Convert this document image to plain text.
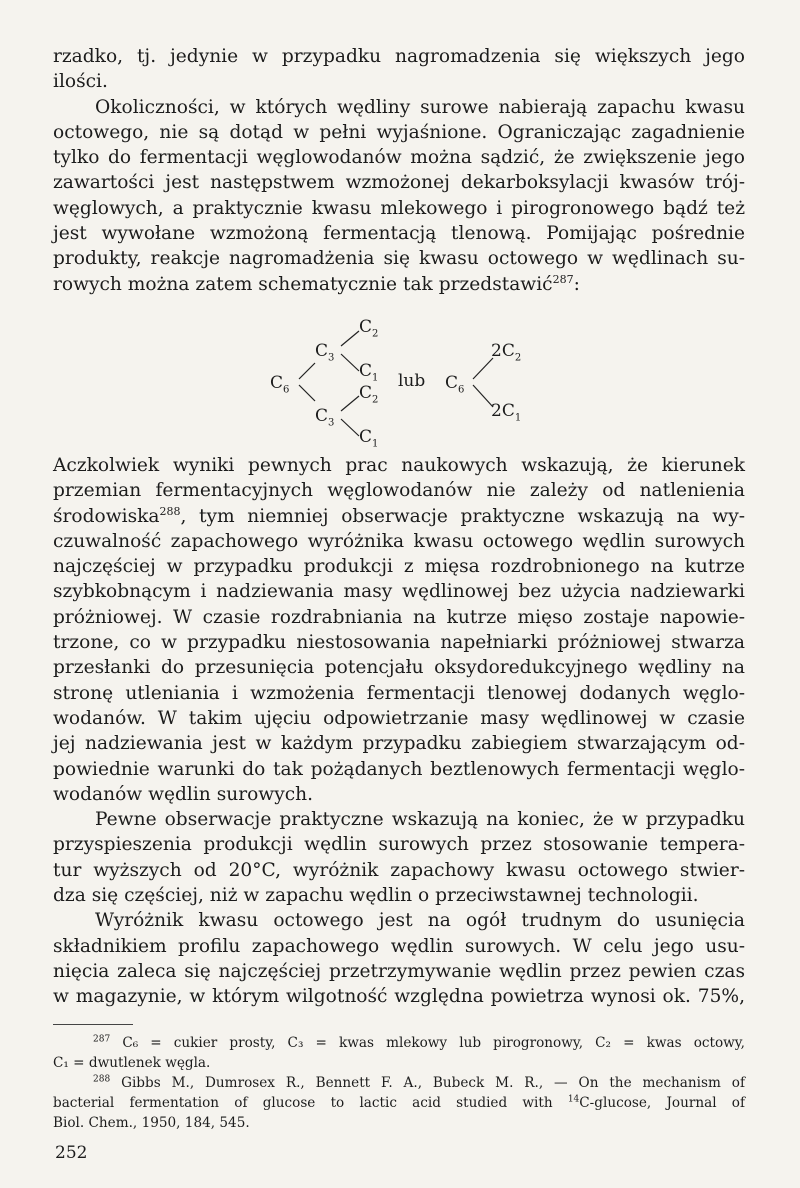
rzadko, tj. jedynie w przypadku nagromadzenia się większych jego
ilości.

Okoliczności, w których wędliny surowe nabierają zapachu kwasu
octowego, nie są dotąd w pełni wyjaśnione. Ograniczając zagadnienie
tylko do fermentacji węglowodanów można sądzić, że zwiększenie jego
zawartości jest następstwem wzmożonej dekarboksylacji kwasów trój-
węglowych, a praktycznie kwasu mlekowego i pirogronowego bądź też
jest wywołane wzmożoną fermentacją tlenową. Pomijając pośrednie
produkty, reakcje nagromadżenia się kwasu octowego w wędlinach su-
rowych można zatem schematycznie tak przedstawić$^{287}$:

$C_6$
$C_3$
$C_2$
$C_1$
$C_3$
$C_2$
$C_1$
lub $C_6$
$2C_2$
$2C_1$

Aczkolwiek wyniki pewnych prac naukowych wskazują, że kierunek
przemian fermentacyjnych węglowodanów nie zależy od natlenienia
środowiska$^{288}$, tym niemniej obserwacje praktyczne wskazują na wy-
czuwalność zapachowego wyróżnika kwasu octowego wędlin surowych
najczęściej w przypadku produkcji z mięsa rozdrobnionego na kutrze
szybkobnącym i nadziewania masy wędlinowej bez użycia nadziewarki
próżniowej. W czasie rozdrabniania na kutrze mięso zostaje napowie-
trzone, co w przypadku niestosowania napełniarki próżniowej stwarza
przesłanki do przesunięcia potencjału oksydoredukcyjnego wędliny na
stronę utleniania i wzmożenia fermentacji tlenowej dodanych węglo-
wodanów. W takim ujęciu odpowietrzanie masy wędlinowej w czasie
jej nadziewania jest w każdym przypadku zabiegiem stwarzającym od-
powiednie warunki do tak pożądanych beztlenowych fermentacji węglo-
wodanów wędlin surowych.

Pewne obserwacje praktyczne wskazują na koniec, że w przypadku
przyspieszenia produkcji wędlin surowych przez stosowanie tempera-
tur wyższych od 20°C, wyróżnik zapachowy kwasu octowego stwier-
dza się częściej, niż w zapachu wędlin o przeciwstawnej technologii.

Wyróżnik kwasu octowego jest na ogół trudnym do usunięcia
składnikiem profilu zapachowego wędlin surowych. W celu jego usu-
nięcia zaleca się najczęściej przetrzymywanie wędlin przez pewien czas
w magazynie, w którym wilgotność względna powietrza wynosi ok. 75%,

$^{287}$ C₆ = cukier prosty, C₃ = kwas mlekowy lub pirogronowy, C₂ = kwas octowy,
C₁ = dwutlenek węgla.

$^{288}$ Gibbs M., Dumrosex R., Bennett F. A., Bubeck M. R., — On the mechanism of
bacterial fermentation of glucose to lactic acid studied with $^{14}$C-glucose, Journal of
Biol. Chem., 1950, 184, 545.

252
